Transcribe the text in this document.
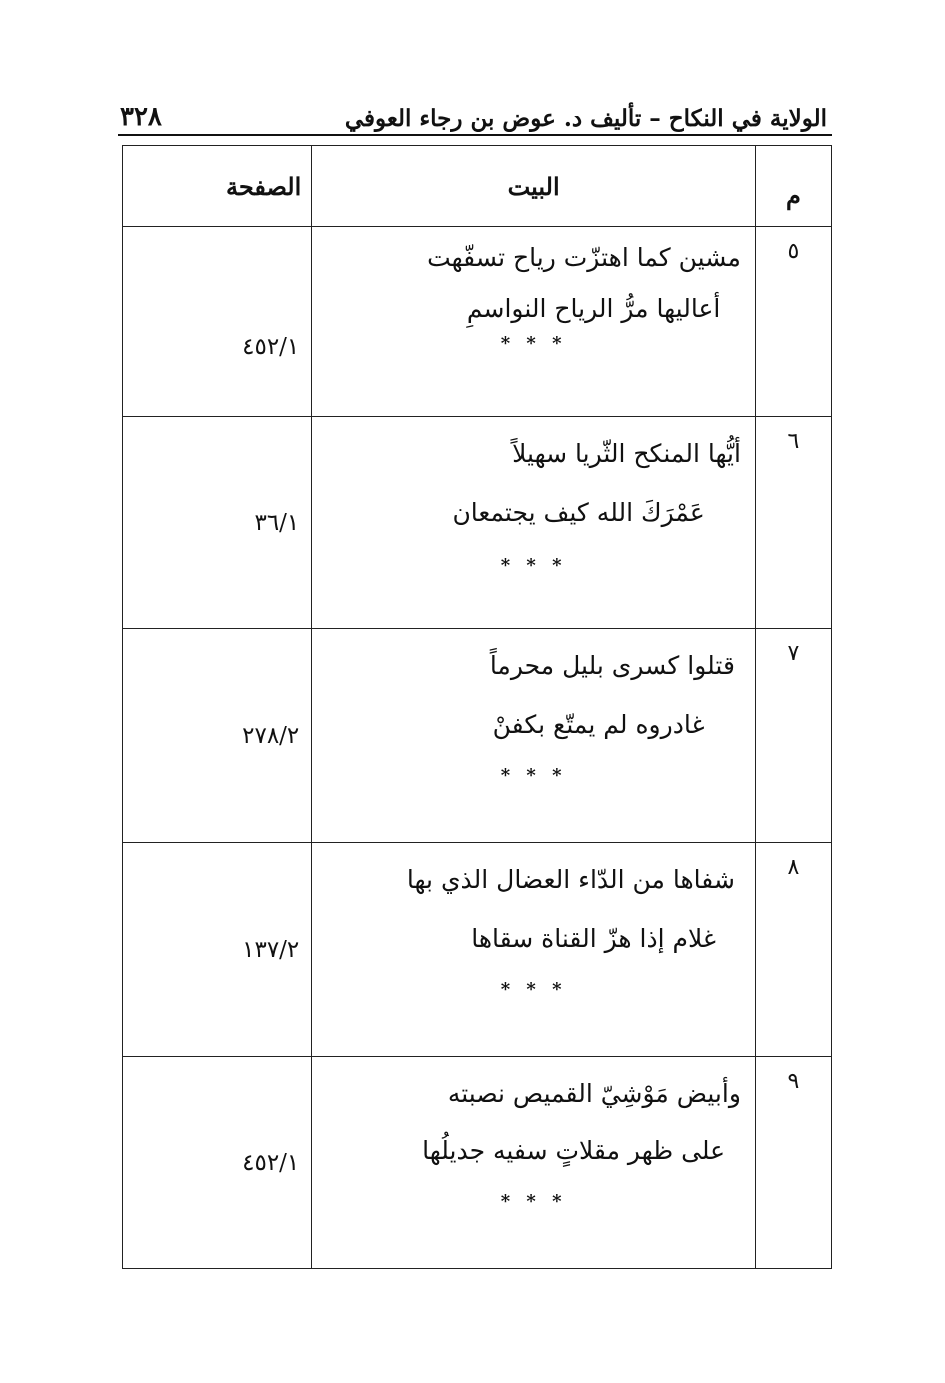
٣٢٨	الولاية في النكاح – تأليف د. عوض بن رجاء العوفي
م	البيت	الصفحة
٥	مشين كما اهتزّت رياح تسفّهت
أعاليها مرُّ الرياح النواسمِ
* * *	٤٥٢/١
٦	أيُّها المنكح الثّريا سهيلاً
عَمْرَكَ الله كيف يجتمعان
* * *	٣٦/١
٧	قتلوا كسرى بليل محرماً
غادروه لم يمتّع بكفنْ
* * *	٢٧٨/٢
٨	شفاها من الدّاء العضال الذي بها
غلام إذا هزّ القناة سقاها
* * *	١٣٧/٢
٩	وأبيض مَوْشِيّ القميص نصبته
على ظهر مقلاتٍ سفيه جديلُها
* * *	٤٥٢/١
